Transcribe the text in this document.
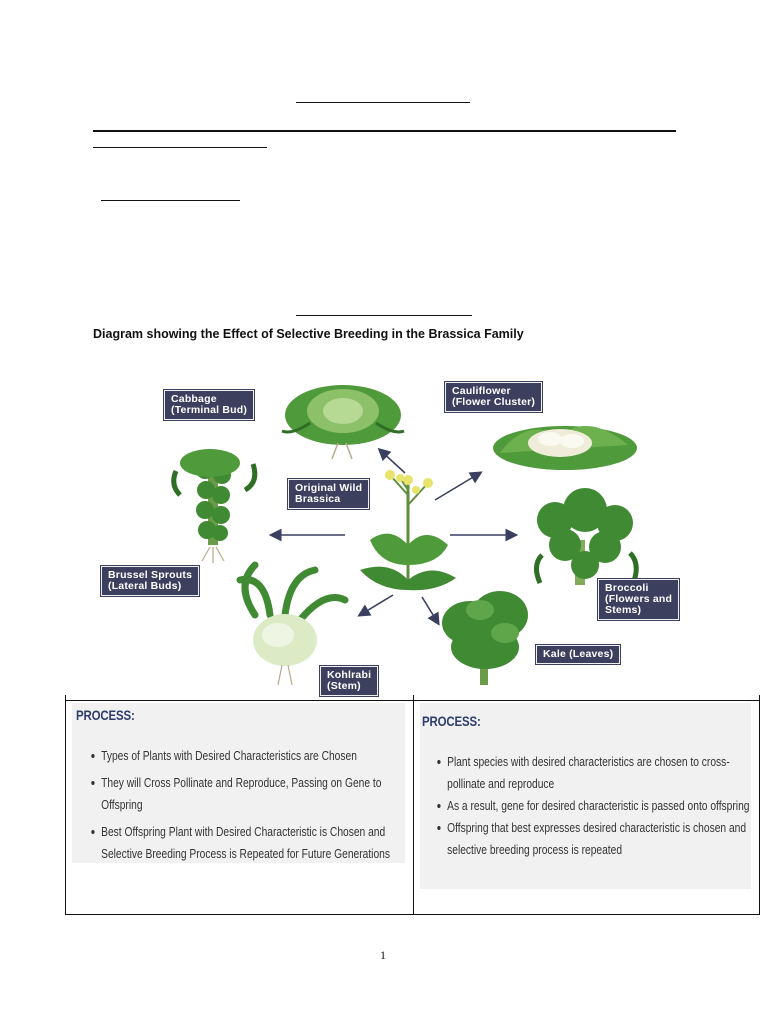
Diagram showing the Effect of Selective Breeding in the Brassica Family
Cabbage
(Terminal Bud)
Cauliflower
(Flower Cluster)
Original Wild
Brassica
Brussel Sprouts
(Lateral Buds)	Broccoli
(Flowers and
Stems)
Kohlrabi
(Stem)
Kale (Leaves)
PROCESS:
Types of Plants with Desired Characteristics are Chosen
They will Cross Pollinate and Reproduce, Passing on Gene to Offspring
Best Offspring Plant with Desired Characteristic is Chosen and Selective Breeding Process is Repeated for Future Generations
PROCESS:
Plant species with desired characteristics are chosen to cross-pollinate and reproduce
As a result, gene for desired characteristic is passed onto offspring
Offspring that best expresses desired characteristic is chosen and selective breeding process is repeated
1
